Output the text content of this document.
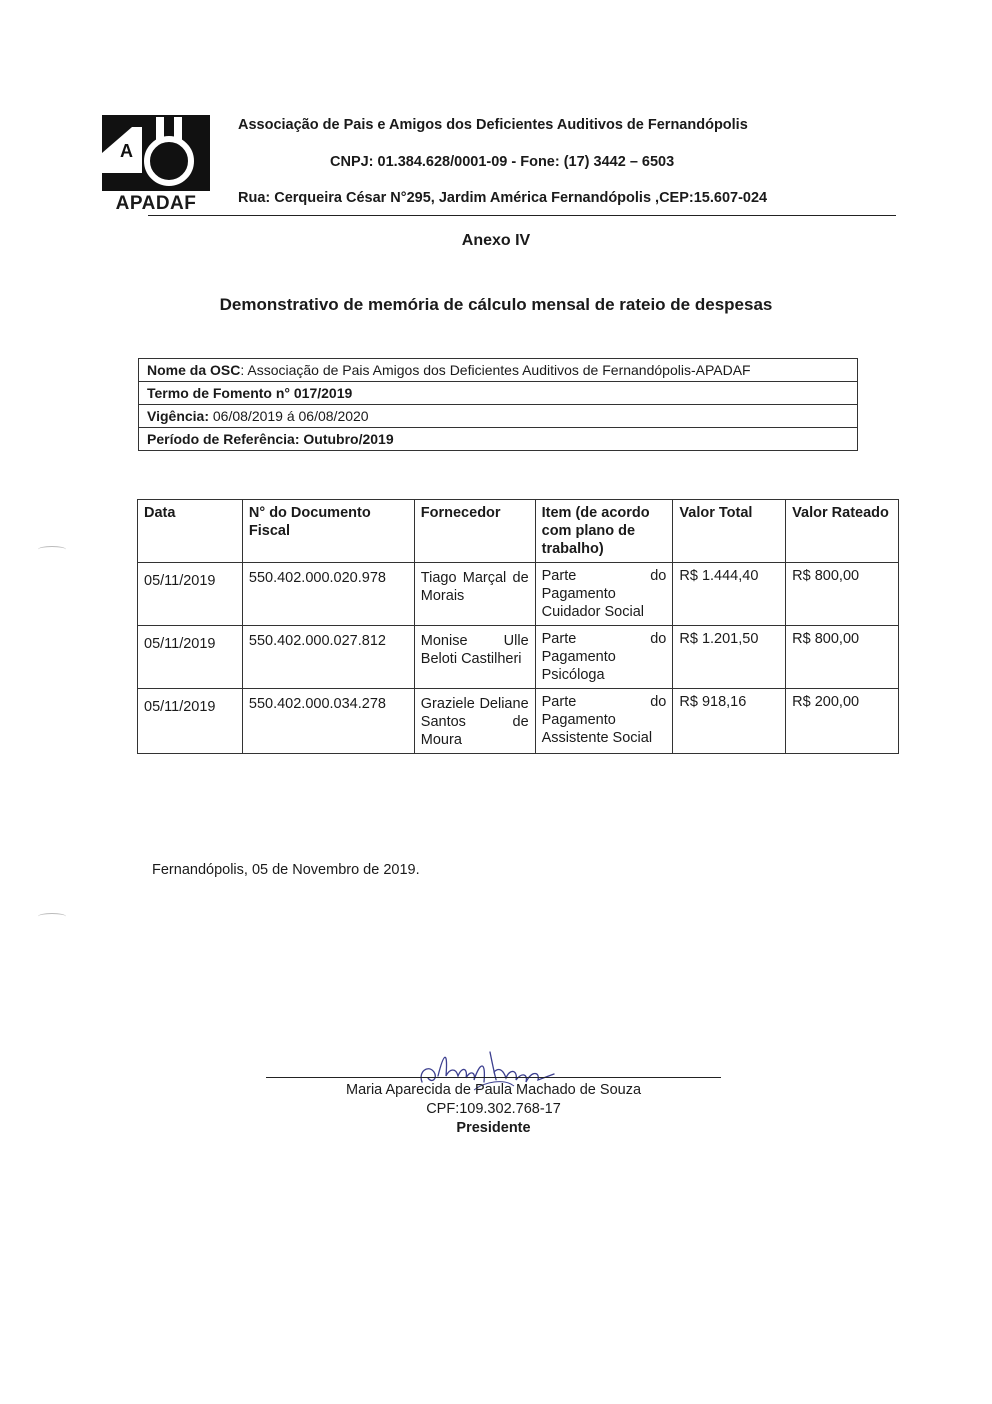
A
APADAF
Associação de Pais e Amigos dos Deficientes Auditivos de Fernandópolis
CNPJ: 01.384.628/0001-09 - Fone: (17) 3442 – 6503
Rua: Cerqueira César N°295, Jardim América Fernandópolis ,CEP:15.607-024
Anexo IV
Demonstrativo de memória de cálculo mensal de rateio de despesas
Nome da OSC: Associação de Pais Amigos dos Deficientes Auditivos de Fernandópolis-APADAF
Termo de Fomento n° 017/2019
Vigência: 06/08/2019 á 06/08/2020
Período de Referência: Outubro/2019
Data	N° do Documento Fiscal	Fornecedor	Item (de acordo com plano de trabalho)	Valor Total	Valor Rateado
05/11/2019	550.402.000.020.978	Tiago Marçal de Morais	Parte do Pagamento Cuidador Social	R$ 1.444,40	R$ 800,00
05/11/2019	550.402.000.027.812	Monise Ulle Beloti Castilheri	Parte do Pagamento Psicóloga	R$ 1.201,50	R$ 800,00
05/11/2019	550.402.000.034.278	Graziele Deliane Santos de Moura	Parte do Pagamento Assistente Social	R$ 918,16	R$ 200,00
Fernandópolis, 05 de Novembro de 2019.
Maria Aparecida de Paula Machado de Souza
CPF:109.302.768-17
Presidente
